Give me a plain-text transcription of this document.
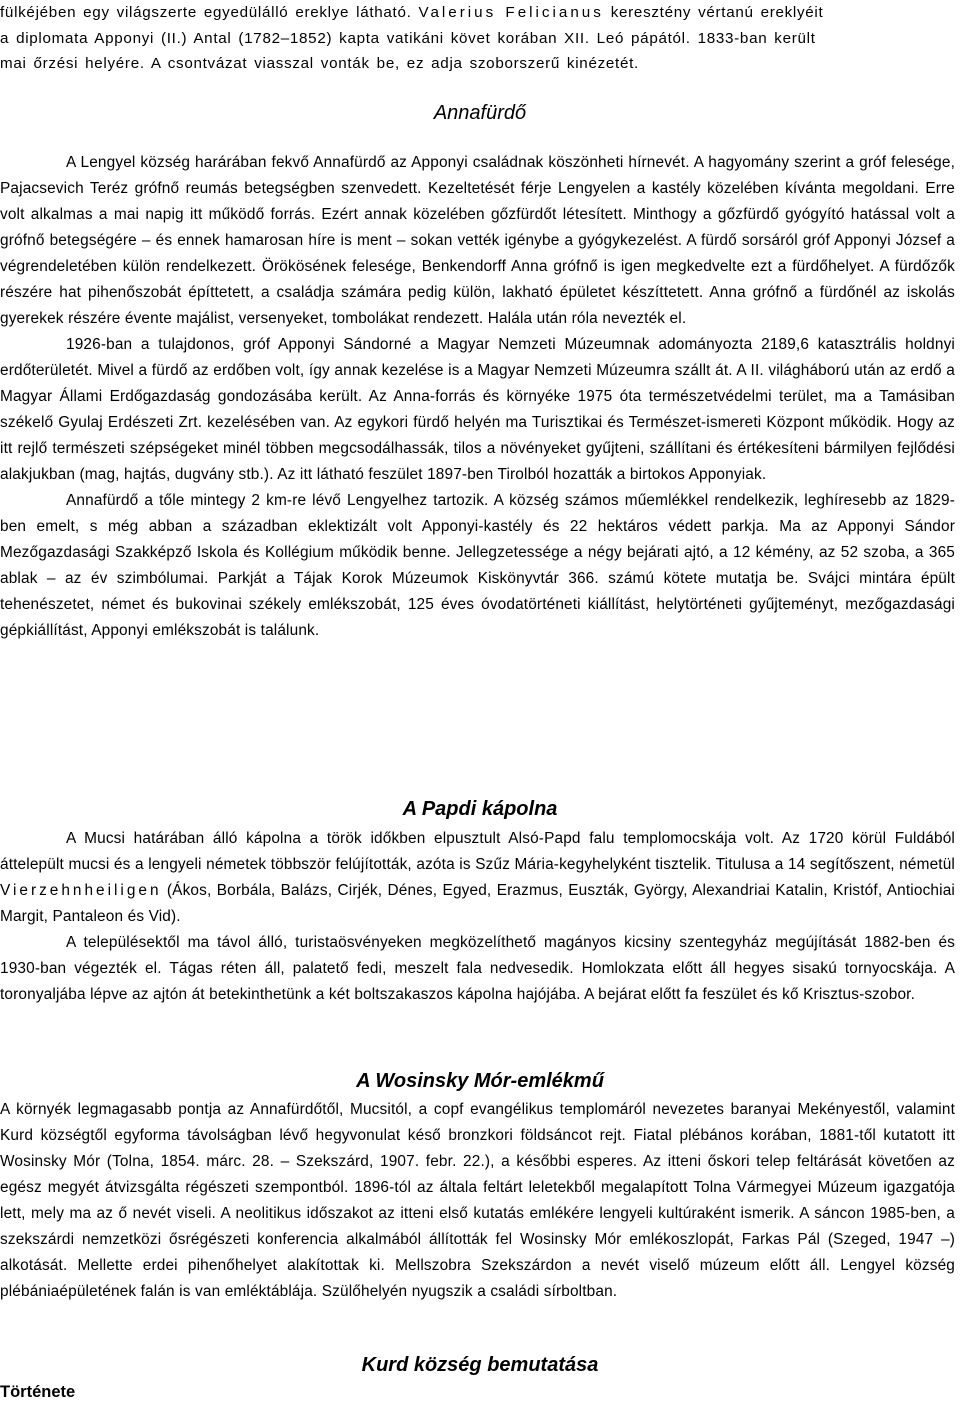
fülkéjében egy világszerte egyedülálló ereklye látható. Valerius Felicianus keresztény vértanú ereklyéit
a diplomata Apponyi (II.) Antal (1782–1852) kapta vatikáni követ korában XII. Leó pápától. 1833-ban került
mai őrzési helyére. A csontvázat viasszal vonták be, ez adja szoborszerű kinézetét.
Annafürdő

A Lengyel község harárában fekvő Annafürdő az Apponyi családnak köszönheti hírnevét. A hagyomány szerint a gróf felesége, Pajacsevich Teréz grófnő reumás betegségben szenvedett. Kezeltetését férje Lengyelen a kastély közelében kívánta megoldani. Erre volt alkalmas a mai napig itt működő forrás. Ezért annak közelében gőzfürdőt létesített. Minthogy a gőzfürdő gyógyító hatással volt a grófnő betegségére – és ennek hamarosan híre is ment – sokan vették igénybe a gyógykezelést. A fürdő sorsáról gróf Apponyi József a végrendeletében külön rendelkezett. Örökösének felesége, Benkendorff Anna grófnő is igen megkedvelte ezt a fürdőhelyet. A fürdőzők részére hat pihenőszobát építtetett, a családja számára pedig külön, lakható épületet készíttetett. Anna grófnő a fürdőnél az iskolás gyerekek részére évente majálist, versenyeket, tombolákat rendezett. Halála után róla nevezték el.

1926-ban a tulajdonos, gróf Apponyi Sándorné a Magyar Nemzeti Múzeumnak adományozta 2189,6 katasztrális holdnyi erdőterületét. Mivel a fürdő az erdőben volt, így annak kezelése is a Magyar Nemzeti Múzeumra szállt át. A II. világháború után az erdő a Magyar Állami Erdőgazdaság gondozásába került. Az Anna-forrás és környéke 1975 óta természetvédelmi terület, ma a Tamásiban székelő Gyulaj Erdészeti Zrt. kezelésében van. Az egykori fürdő helyén ma Turisztikai és Természet-ismereti Központ működik. Hogy az itt rejlő természeti szépségeket minél többen megcsodálhassák, tilos a növényeket gyűjteni, szállítani és értékesíteni bármilyen fejlődési alakjukban (mag, hajtás, dugvány stb.). Az itt látható feszület 1897-ben Tirolból hozatták a birtokos Apponyiak.

Annafürdő a tőle mintegy 2 km-re lévő Lengyelhez tartozik. A község számos műemlékkel rendelkezik, leghíresebb az 1829-ben emelt, s még abban a században eklektizált volt Apponyi-kastély és 22 hektáros védett parkja. Ma az Apponyi Sándor Mezőgazdasági Szakképző Iskola és Kollégium működik benne. Jellegzetessége a négy bejárati ajtó, a 12 kémény, az 52 szoba, a 365 ablak – az év szimbólumai. Parkját a Tájak Korok Múzeumok Kiskönyvtár 366. számú kötete mutatja be. Svájci mintára épült tehenészetet, német és bukovinai székely emlékszobát, 125 éves óvodatörténeti kiállítást, helytörténeti gyűjteményt, mezőgazdasági gépkiállítást, Apponyi emlékszobát is találunk.

A Papdi kápolna

A Mucsi határában álló kápolna a török időkben elpusztult Alsó-Papd falu templomocskája volt. Az 1720 körül Fuldából áttelepült mucsi és a lengyeli németek többször felújították, azóta is Szűz Mária-kegyhelyként tisztelik. Titulusa a 14 segítőszent, németül Vierzehnheiligen (Ákos, Borbála, Balázs, Cirjék, Dénes, Egyed, Erazmus, Euszták, György, Alexandriai Katalin, Kristóf, Antiochiai Margit, Pantaleon és Vid).

A településektől ma távol álló, turistaösvényeken megközelíthető magányos kicsiny szentegyház megújítását 1882-ben és 1930-ban végezték el. Tágas réten áll, palatető fedi, meszelt fala nedvesedik. Homlokzata előtt áll hegyes sisakú tornyocskája. A toronyaljába lépve az ajtón át betekinthetünk a két boltszakaszos kápolna hajójába. A bejárat előtt fa feszület és kő Krisztus-szobor.

A Wosinsky Mór-emlékmű

A környék legmagasabb pontja az Annafürdőtől, Mucsitól, a copf evangélikus templomáról nevezetes baranyai Mekényestől, valamint Kurd községtől egyforma távolságban lévő hegyvonulat késő bronzkori földsáncot rejt. Fiatal plébános korában, 1881-től kutatott itt Wosinsky Mór (Tolna, 1854. márc. 28. – Szekszárd, 1907. febr. 22.), a későbbi esperes. Az itteni őskori telep feltárását követően az egész megyét átvizsgálta régészeti szempontból. 1896-tól az általa feltárt leletekből megalapított Tolna Vármegyei Múzeum igazgatója lett, mely ma az ő nevét viseli. A neolitikus időszakot az itteni első kutatás emlékére lengyeli kultúraként ismerik. A sáncon 1985-ben, a szekszárdi nemzetközi ősrégészeti konferencia alkalmából állították fel Wosinsky Mór emlékoszlopát, Farkas Pál (Szeged, 1947 –) alkotását. Mellette erdei pihenőhelyet alakítottak ki. Mellszobra Szekszárdon a nevét viselő múzeum előtt áll. Lengyel község plébániaépületének falán is van emléktáblája. Szülőhelyén nyugszik a családi sírboltban.

Kurd község bemutatása
Története
